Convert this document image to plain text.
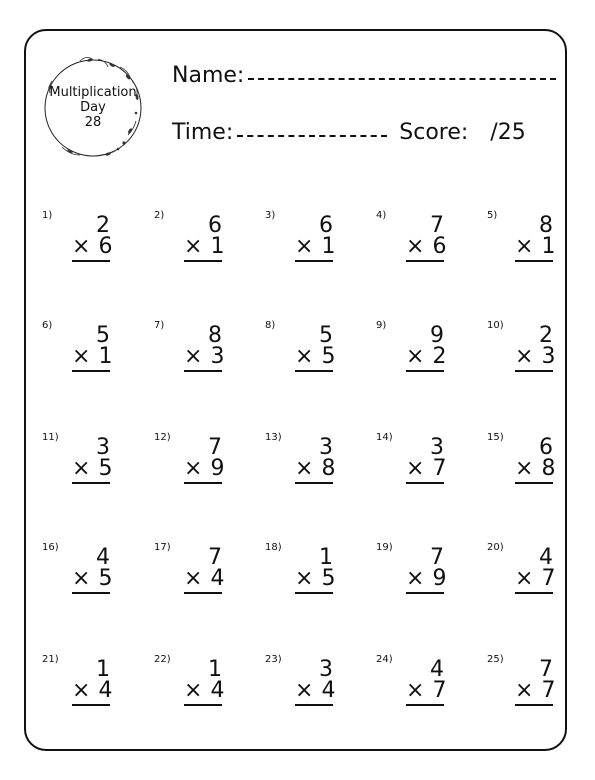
Multiplication
Day
28
Name:
Time:	Score: /25
1) 2
× 6
2) 6
× 1
3) 6
× 1
4) 7
× 6
5) 8
× 1
6) 5
× 1
7) 8
× 3
8) 5
× 5
9) 9
× 2
10) 2
× 3
11) 3
× 5
12) 7
× 9
13) 3
× 8
14) 3
× 7
15) 6
× 8
16) 4
× 5
17) 7
× 4
18) 1
× 5
19) 7
× 9
20) 4
× 7
21) 1
× 4
22) 1
× 4
23) 3
× 4
24) 4
× 7
25) 7
× 7
